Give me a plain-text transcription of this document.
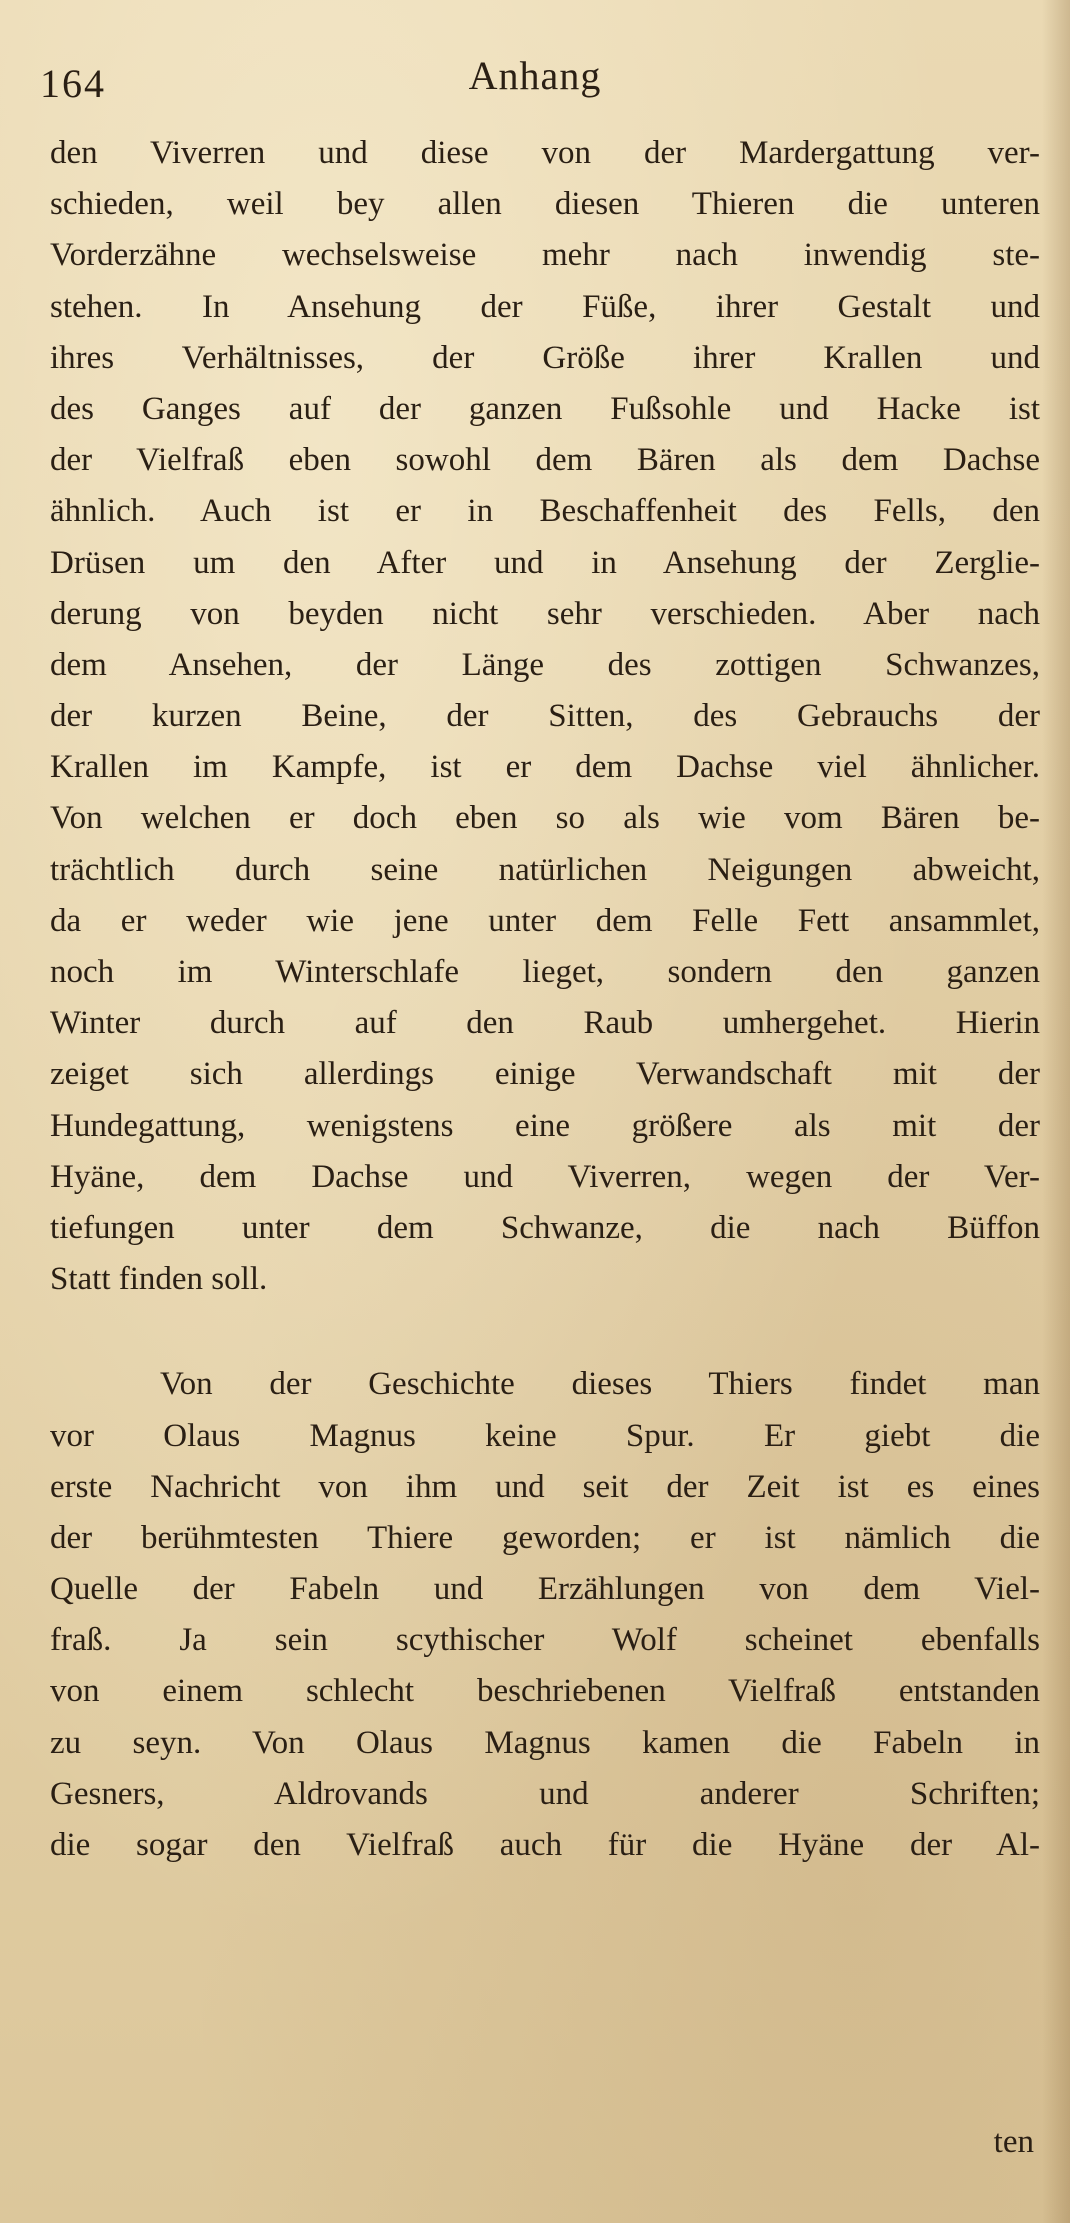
164	Anhang
den Viverren und diese von der Mardergattung ver-
schieden, weil bey allen diesen Thieren die unteren
Vorderzähne wechselsweise mehr nach inwendig ste-
stehen. In Ansehung der Füße, ihrer Gestalt und
ihres Verhältnisses, der Größe ihrer Krallen und
des Ganges auf der ganzen Fußsohle und Hacke ist
der Vielfraß eben sowohl dem Bären als dem Dachse
ähnlich. Auch ist er in Beschaffenheit des Fells, den
Drüsen um den After und in Ansehung der Zerglie-
derung von beyden nicht sehr verschieden. Aber nach
dem Ansehen, der Länge des zottigen Schwanzes,
der kurzen Beine, der Sitten, des Gebrauchs der
Krallen im Kampfe, ist er dem Dachse viel ähnlicher.
Von welchen er doch eben so als wie vom Bären be-
trächtlich durch seine natürlichen Neigungen abweicht,
da er weder wie jene unter dem Felle Fett ansammlet,
noch im Winterschlafe lieget, sondern den ganzen
Winter durch auf den Raub umhergehet. Hierin
zeiget sich allerdings einige Verwandschaft mit der
Hundegattung, wenigstens eine größere als mit der
Hyäne, dem Dachse und Viverren, wegen der Ver-
tiefungen unter dem Schwanze, die nach Büffon
Statt finden soll.
Von der Geschichte dieses Thiers findet man
vor Olaus Magnus keine Spur. Er giebt die
erste Nachricht von ihm und seit der Zeit ist es eines
der berühmtesten Thiere geworden; er ist nämlich die
Quelle der Fabeln und Erzählungen von dem Viel-
fraß. Ja sein scythischer Wolf scheinet ebenfalls
von einem schlecht beschriebenen Vielfraß entstanden
zu seyn. Von Olaus Magnus kamen die Fabeln in
Gesners, Aldrovands und anderer Schriften;
die sogar den Vielfraß auch für die Hyäne der Al-
ten
